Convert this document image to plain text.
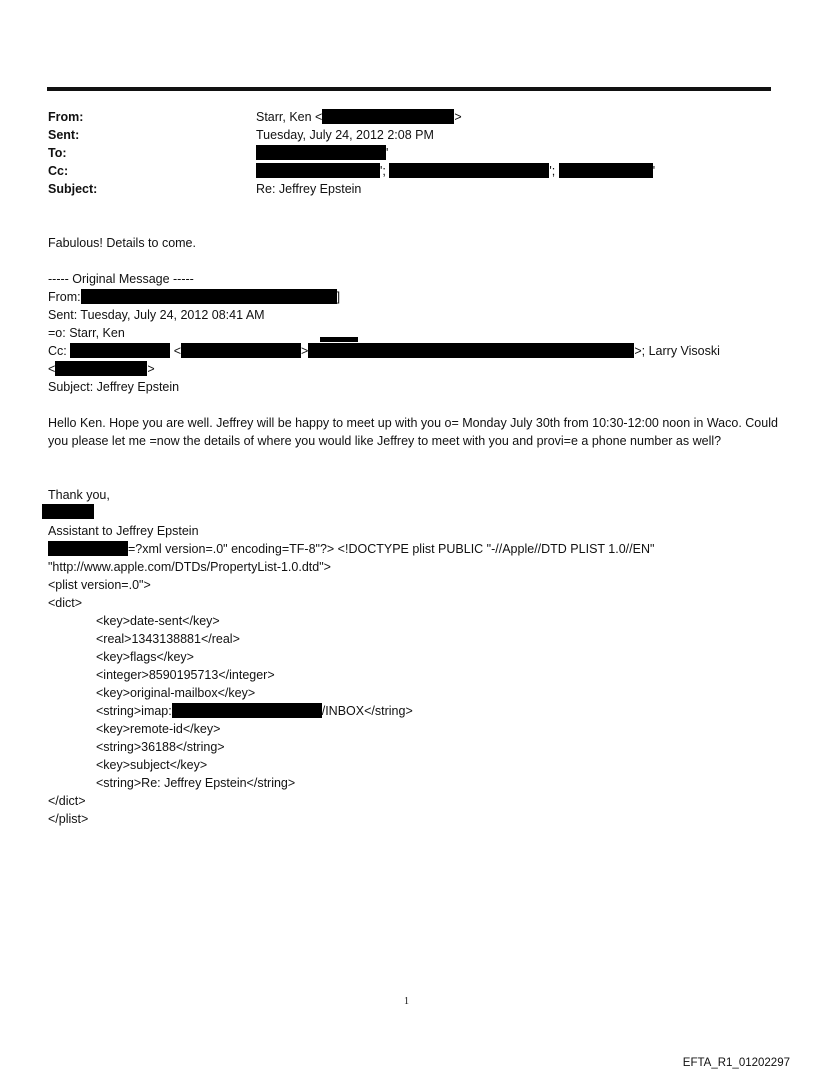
From:	Starr, Ken <	>
Sent:	Tuesday, July 24, 2012 2:08 PM
To:	'
Cc:	';	';	'
Subject:	Re: Jeffrey Epstein
Fabulous! Details to come.
----- Original Message -----
From:	]
Sent: Tuesday, July 24, 2012 08:41 AM
=o: Starr, Ken
Cc:	<	>	>; Larry Visoski
<	>
Subject: Jeffrey Epstein
Hello Ken. Hope you are well. Jeffrey will be happy to meet up with you o= Monday July 30th from 10:30-12:00 noon in Waco. Could you please let me =now the details of where you would like Jeffrey to meet with you and provi=e a phone number as well?
Thank you,
Assistant to Jeffrey Epstein
=?xml version=.0" encoding=TF-8"?> <!DOCTYPE plist PUBLIC "-//Apple//DTD PLIST 1.0//EN"
"http://www.apple.com/DTDs/PropertyList-1.0.dtd">
<plist version=.0">
<dict>
<key>date-sent</key>
<real>1343138881</real>
<key>flags</key>
<integer>8590195713</integer>
<key>original-mailbox</key>
<string>imap:	/INBOX</string>
<key>remote-id</key>
<string>36188</string>
<key>subject</key>
<string>Re: Jeffrey Epstein</string>
</dict>
</plist>
1
EFTA_R1_01202297
